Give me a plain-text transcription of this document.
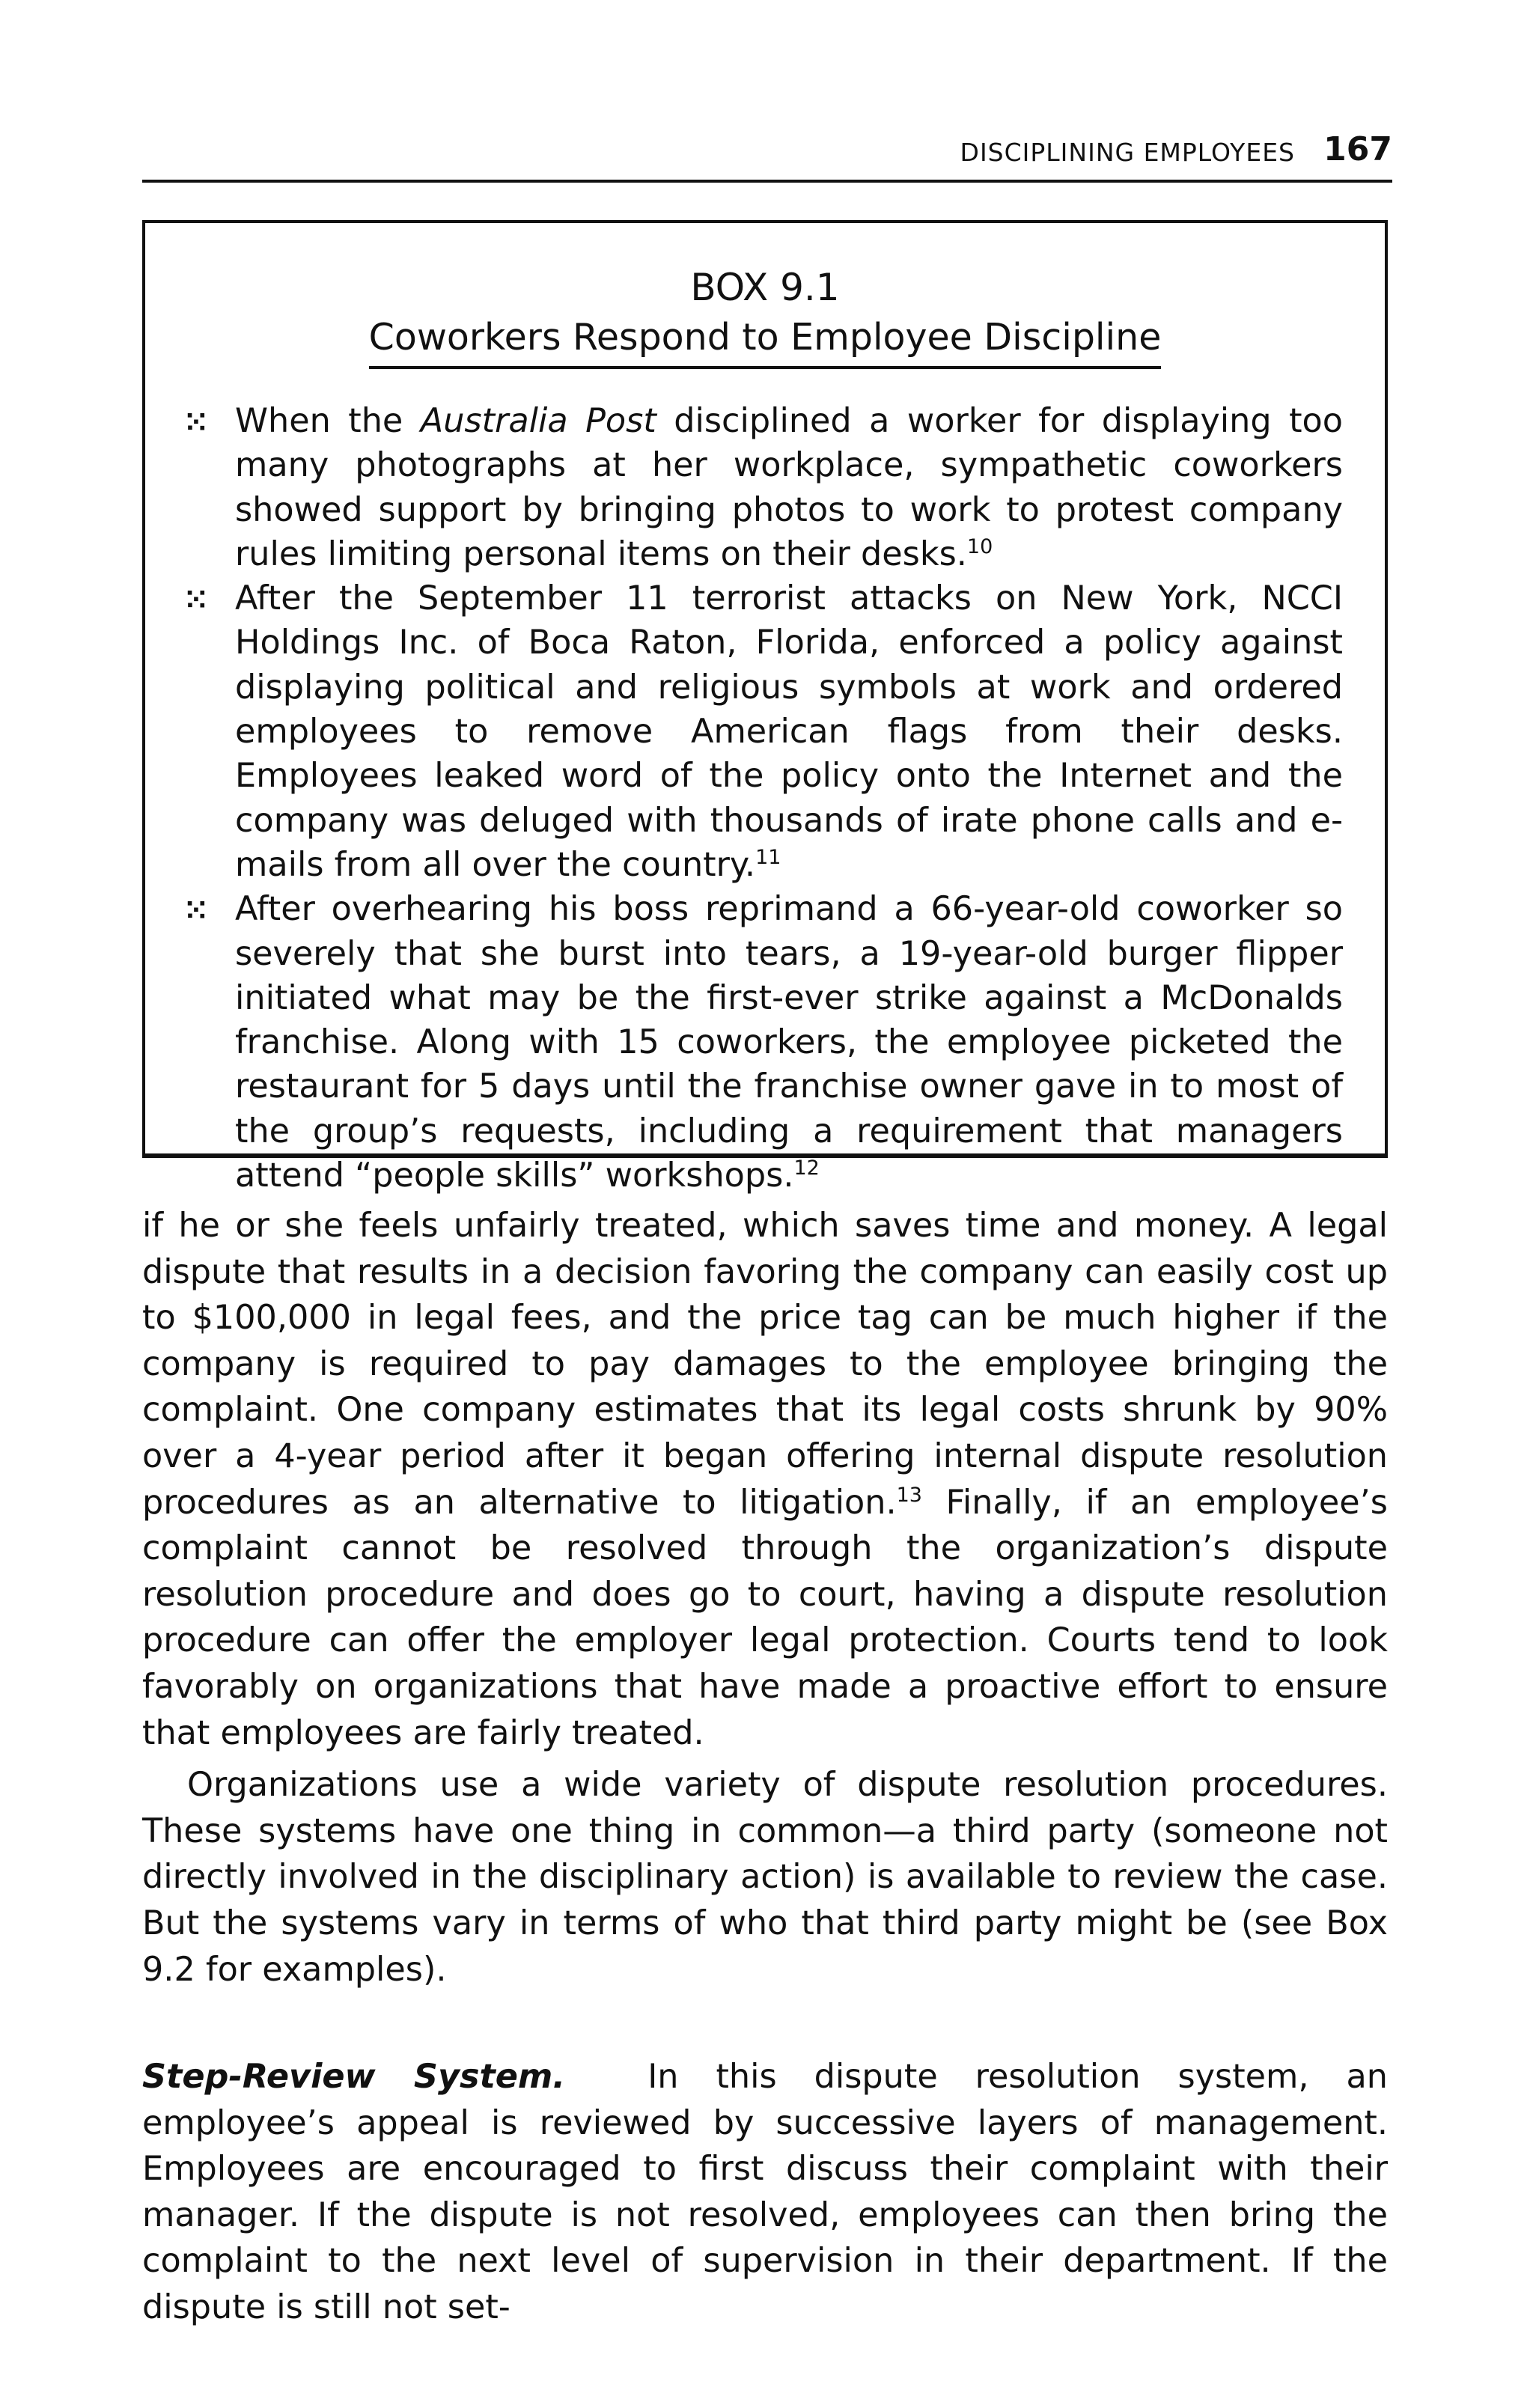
DISCIPLINING EMPLOYEES 167
BOX 9.1
Coworkers Respond to Employee Discipline
⁙ When the Australia Post disciplined a worker for displaying too many photographs at her workplace, sympathetic coworkers showed support by bringing photos to work to protest company rules limiting personal items on their desks.$^{10}$
⁙ After the September 11 terrorist attacks on New York, NCCI Holdings Inc. of Boca Raton, Florida, enforced a policy against displaying political and religious symbols at work and ordered employees to remove American flags from their desks. Employees leaked word of the policy onto the Internet and the company was deluged with thousands of irate phone calls and e-mails from all over the country.$^{11}$
⁙ After overhearing his boss reprimand a 66-year-old coworker so severely that she burst into tears, a 19-year-old burger flipper initiated what may be the first-ever strike against a McDonalds franchise. Along with 15 coworkers, the employee picketed the restaurant for 5 days until the franchise owner gave in to most of the group’s requests, including a requirement that managers attend “people skills” workshops.$^{12}$

if he or she feels unfairly treated, which saves time and money. A legal dispute that results in a decision favoring the company can easily cost up to $100,000 in legal fees, and the price tag can be much higher if the company is required to pay damages to the employee bringing the complaint. One company estimates that its legal costs shrunk by 90% over a 4-year period after it began offering internal dispute resolution procedures as an alternative to litigation.$^{13}$ Finally, if an employee’s complaint cannot be resolved through the organization’s dispute resolution procedure and does go to court, having a dispute resolution procedure can offer the employer legal protection. Courts tend to look favorably on organizations that have made a proactive effort to ensure that employees are fairly treated.

Organizations use a wide variety of dispute resolution procedures. These systems have one thing in common—a third party (someone not directly involved in the disciplinary action) is available to review the case. But the systems vary in terms of who that third party might be (see Box 9.2 for examples).

Step-Review System. In this dispute resolution system, an employee’s appeal is reviewed by successive layers of management. Employees are encouraged to first discuss their complaint with their manager. If the dispute is not resolved, employees can then bring the complaint to the next level of supervision in their department. If the dispute is still not set-
